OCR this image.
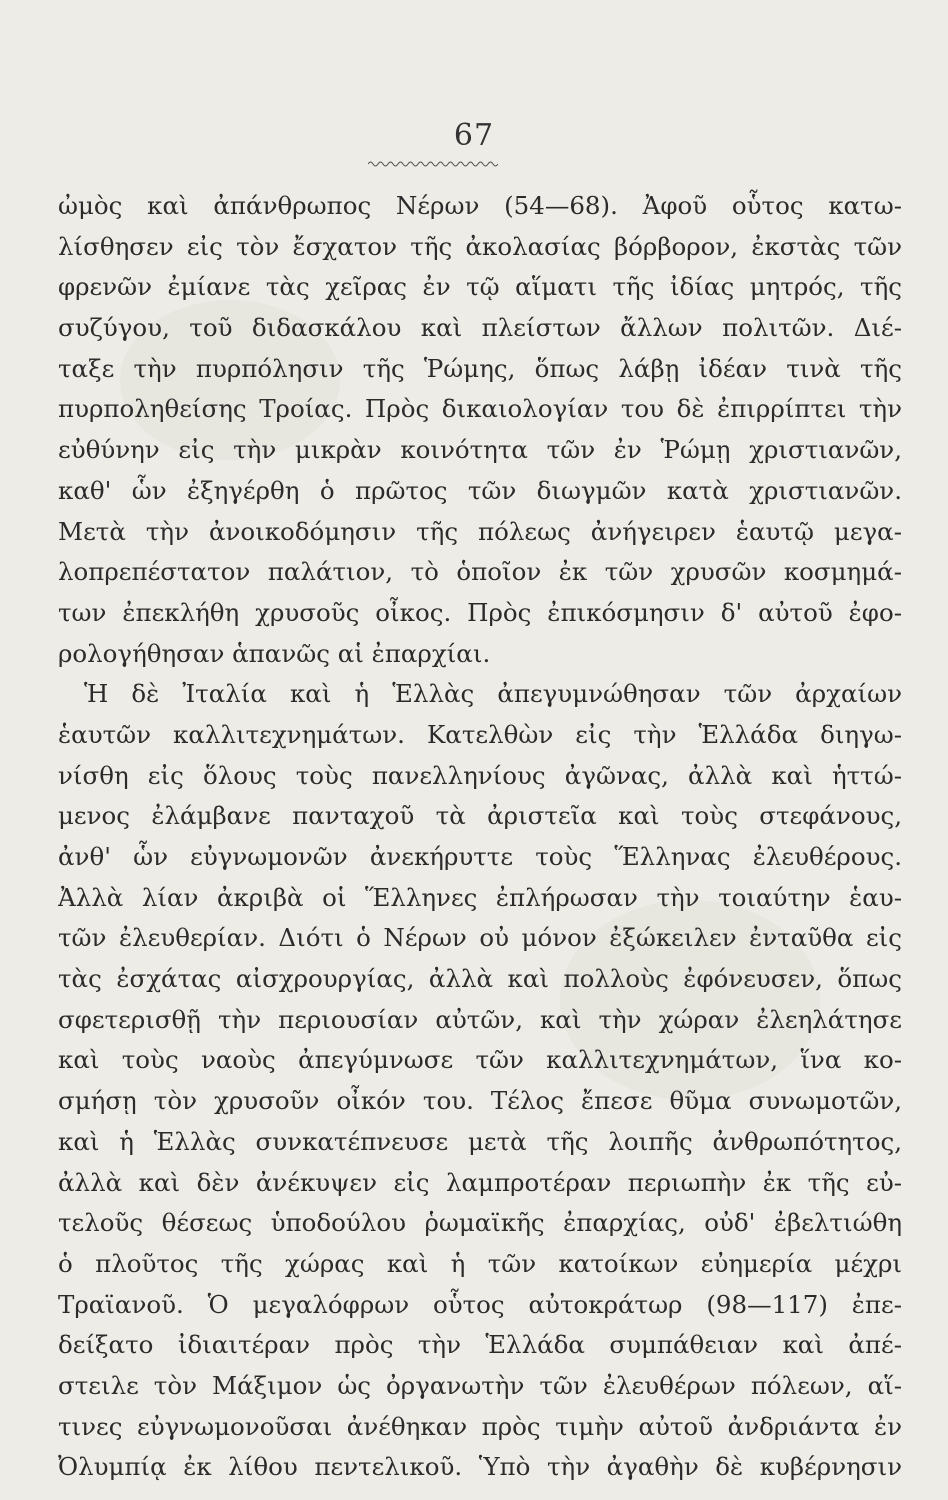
67
ὠμὸς καὶ ἀπάνθρωπος Νέρων (54—68). Ἀφοῦ οὗτος κατω-
λίσθησεν εἰς τὸν ἔσχατον τῆς ἀκολασίας βόρβορον, ἐκστὰς τῶν
φρενῶν ἐμίανε τὰς χεῖρας ἐν τῷ αἵματι τῆς ἰδίας μητρός, τῆς
συζύγου, τοῦ διδασκάλου καὶ πλείστων ἄλλων πολιτῶν. Διέ-
ταξε τὴν πυρπόλησιν τῆς Ῥώμης, ὅπως λάβῃ ἰδέαν τινὰ τῆς
πυρποληθείσης Τροίας. Πρὸς δικαιολογίαν του δὲ ἐπιρρίπτει τὴν
εὐθύνην εἰς τὴν μικρὰν κοινότητα τῶν ἐν Ῥώμῃ χριστιανῶν,
καθ' ὧν ἐξηγέρθη ὁ πρῶτος τῶν διωγμῶν κατὰ χριστιανῶν.
Μετὰ τὴν ἀνοικοδόμησιν τῆς πόλεως ἀνήγειρεν ἑαυτῷ μεγα-
λοπρεπέστατον παλάτιον, τὸ ὁποῖον ἐκ τῶν χρυσῶν κοσμημά-
των ἐπεκλήθη χρυσοῦς οἶκος. Πρὸς ἐπικόσμησιν δ' αὐτοῦ ἐφο-
ρολογήθησαν ἁπανῶς αἱ ἐπαρχίαι.
Ἡ δὲ Ἰταλία καὶ ἡ Ἑλλὰς ἀπεγυμνώθησαν τῶν ἀρχαίων
ἑαυτῶν καλλιτεχνημάτων. Κατελθὼν εἰς τὴν Ἑλλάδα διηγω-
νίσθη εἰς ὅλους τοὺς πανελληνίους ἀγῶνας, ἀλλὰ καὶ ἡττώ-
μενος ἐλάμβανε πανταχοῦ τὰ ἀριστεῖα καὶ τοὺς στεφάνους,
ἀνθ' ὧν εὐγνωμονῶν ἀνεκήρυττε τοὺς Ἕλληνας ἐλευθέρους.
Ἀλλὰ λίαν ἀκριβὰ οἱ Ἕλληνες ἐπλήρωσαν τὴν τοιαύτην ἑαυ-
τῶν ἐλευθερίαν. Διότι ὁ Νέρων οὐ μόνον ἐξώκειλεν ἐνταῦθα εἰς
τὰς ἐσχάτας αἰσχρουργίας, ἀλλὰ καὶ πολλοὺς ἐφόνευσεν, ὅπως
σφετερισθῇ τὴν περιουσίαν αὐτῶν, καὶ τὴν χώραν ἐλεηλάτησε
καὶ τοὺς ναοὺς ἀπεγύμνωσε τῶν καλλιτεχνημάτων, ἵνα κο-
σμήσῃ τὸν χρυσοῦν οἶκόν του. Τέλος ἔπεσε θῦμα συνωμοτῶν,
καὶ ἡ Ἑλλὰς συνκατέπνευσε μετὰ τῆς λοιπῆς ἀνθρωπότητος,
ἀλλὰ καὶ δὲν ἀνέκυψεν εἰς λαμπροτέραν περιωπὴν ἐκ τῆς εὐ-
τελοῦς θέσεως ὑποδούλου ῥωμαϊκῆς ἐπαρχίας, οὐδ' ἐβελτιώθη
ὁ πλοῦτος τῆς χώρας καὶ ἡ τῶν κατοίκων εὐημερία μέχρι
Τραϊανοῦ. Ὁ μεγαλόφρων οὗτος αὐτοκράτωρ (98—117) ἐπε-
δείξατο ἰδιαιτέραν πρὸς τὴν Ἑλλάδα συμπάθειαν καὶ ἀπέ-
στειλε τὸν Μάξιμον ὡς ὀργανωτὴν τῶν ἐλευθέρων πόλεων, αἵ-
τινες εὐγνωμονοῦσαι ἀνέθηκαν πρὸς τιμὴν αὐτοῦ ἀνδριάντα ἐν
Ὀλυμπίᾳ ἐκ λίθου πεντελικοῦ. Ὑπὸ τὴν ἀγαθὴν δὲ κυβέρνησιν
